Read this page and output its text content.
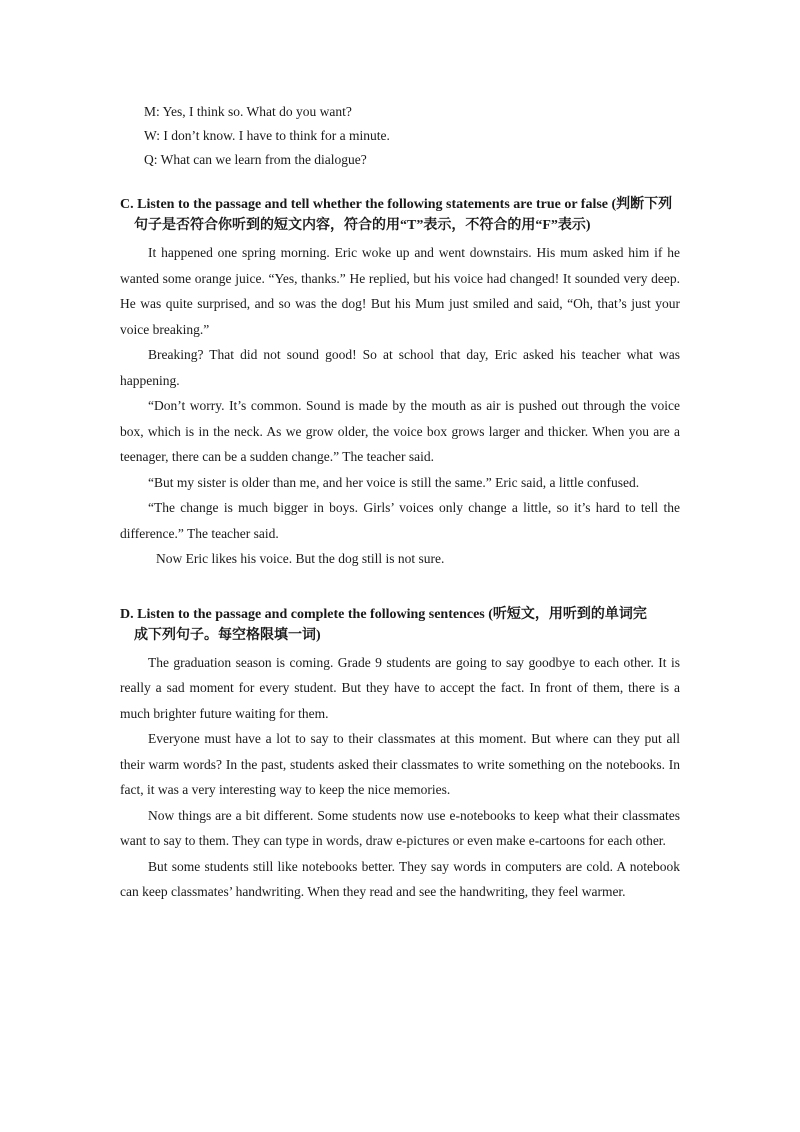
M: Yes, I think so. What do you want?
W: I don’t know. I have to think for a minute.
Q: What can we learn from the dialogue?
C. Listen to the passage and tell whether the following statements are true or false (判断下列
句子是否符合你听到的短文内容，符合的用“T”表示，不符合的用“F”表示)

It happened one spring morning. Eric woke up and went downstairs. His mum asked him if he wanted some orange juice. “Yes, thanks.” He replied, but his voice had changed! It sounded very deep. He was quite surprised, and so was the dog! But his Mum just smiled and said, “Oh, that’s just your voice breaking.”

Breaking? That did not sound good! So at school that day, Eric asked his teacher what was happening.

“Don’t worry. It’s common. Sound is made by the mouth as air is pushed out through the voice box, which is in the neck. As we grow older, the voice box grows larger and thicker. When you are a teenager, there can be a sudden change.” The teacher said.

“But my sister is older than me, and her voice is still the same.” Eric said, a little confused.

“The change is much bigger in boys. Girls’ voices only change a little, so it’s hard to tell the difference.” The teacher said.

Now Eric likes his voice. But the dog still is not sure.

D. Listen to the passage and complete the following sentences (听短文，用听到的单词完
成下列句子。每空格限填一词)

The graduation season is coming. Grade 9 students are going to say goodbye to each other. It is really a sad moment for every student. But they have to accept the fact. In front of them, there is a much brighter future waiting for them.

Everyone must have a lot to say to their classmates at this moment. But where can they put all their warm words? In the past, students asked their classmates to write something on the notebooks. In fact, it was a very interesting way to keep the nice memories.

Now things are a bit different. Some students now use e-notebooks to keep what their classmates want to say to them. They can type in words, draw e-pictures or even make e-cartoons for each other.

But some students still like notebooks better. They say words in computers are cold. A notebook can keep classmates’ handwriting. When they read and see the handwriting, they feel warmer.
